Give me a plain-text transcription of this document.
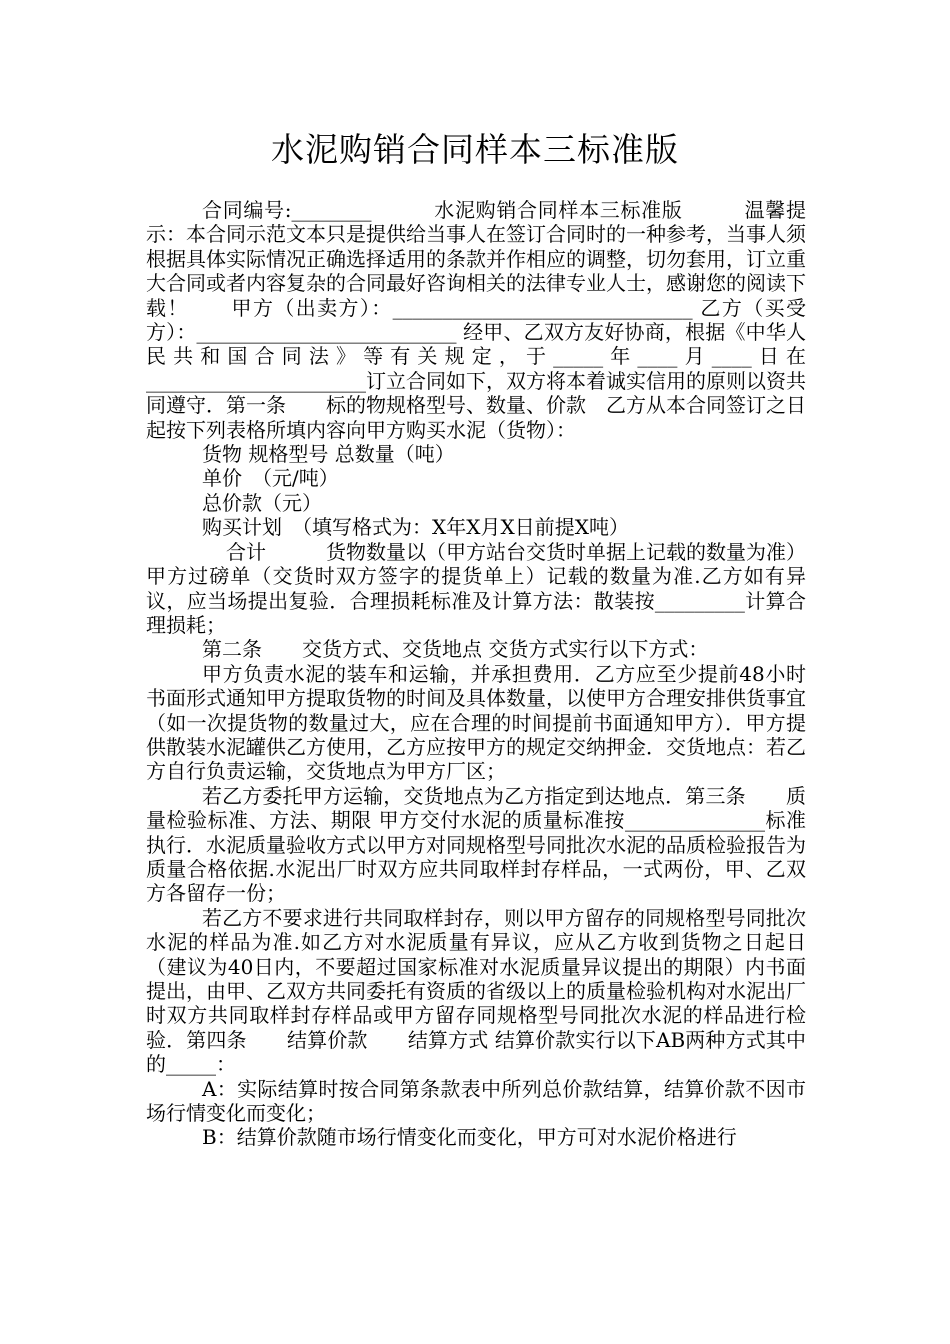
水泥购销合同样本三标准版

合同编号:________　　　水泥购销合同样本三标准版　　　温馨提示：本合同示范文本只是提供给当事人在签订合同时的一种参考，当事人须根据具体实际情况正确选择适用的条款并作相应的调整，切勿套用，订立重大合同或者内容复杂的合同最好咨询相关的法律专业人士，感谢您的阅读下载！　　甲方（出卖方）：______________________________ 乙方（买受方）：__________________________ 经甲、乙双方友好协商，根据《中华人民共和国合同法》等有关规定，于_____年____月____日在______________________订立合同如下，双方将本着诚实信用的原则以资共同遵守．第一条　　标的物规格型号、数量、价款　乙方从本合同签订之日起按下列表格所填内容向甲方购买水泥（货物）：

货物 规格型号 总数量（吨）

单价　（元/吨）

总价款（元）

购买计划　（填写格式为：X年X月X日前提X吨）

　　　　合计　　　货物数量以（甲方站台交货时单据上记载的数量为准）甲方过磅单（交货时双方签字的提货单上）记载的数量为准.乙方如有异议，应当场提出复验．合理损耗标准及计算方法：散装按_________计算合理损耗；

第二条　　交货方式、交货地点 交货方式实行以下方式：

甲方负责水泥的装车和运输，并承担费用．乙方应至少提前48小时书面形式通知甲方提取货物的时间及具体数量，以使甲方合理安排供货事宜（如一次提货物的数量过大，应在合理的时间提前书面通知甲方）．甲方提供散装水泥罐供乙方使用，乙方应按甲方的规定交纳押金．交货地点：若乙方自行负责运输，交货地点为甲方厂区；

若乙方委托甲方运输，交货地点为乙方指定到达地点．第三条　　质量检验标准、方法、期限 甲方交付水泥的质量标准按______________标准执行．水泥质量验收方式以甲方对同规格型号同批次水泥的品质检验报告为质量合格依据.水泥出厂时双方应共同取样封存样品，一式两份，甲、乙双方各留存一份；

若乙方不要求进行共同取样封存，则以甲方留存的同规格型号同批次水泥的样品为准.如乙方对水泥质量有异议，应从乙方收到货物之日起日（建议为40日内，不要超过国家标准对水泥质量异议提出的期限）内书面提出，由甲、乙双方共同委托有资质的省级以上的质量检验机构对水泥出厂时双方共同取样封存样品或甲方留存同规格型号同批次水泥的样品进行检验．第四条　　结算价款　　结算方式 结算价款实行以下AB两种方式其中的_____：

A：实际结算时按合同第条款表中所列总价款结算，结算价款不因市场行情变化而变化；

B：结算价款随市场行情变化而变化，甲方可对水泥价格进行
